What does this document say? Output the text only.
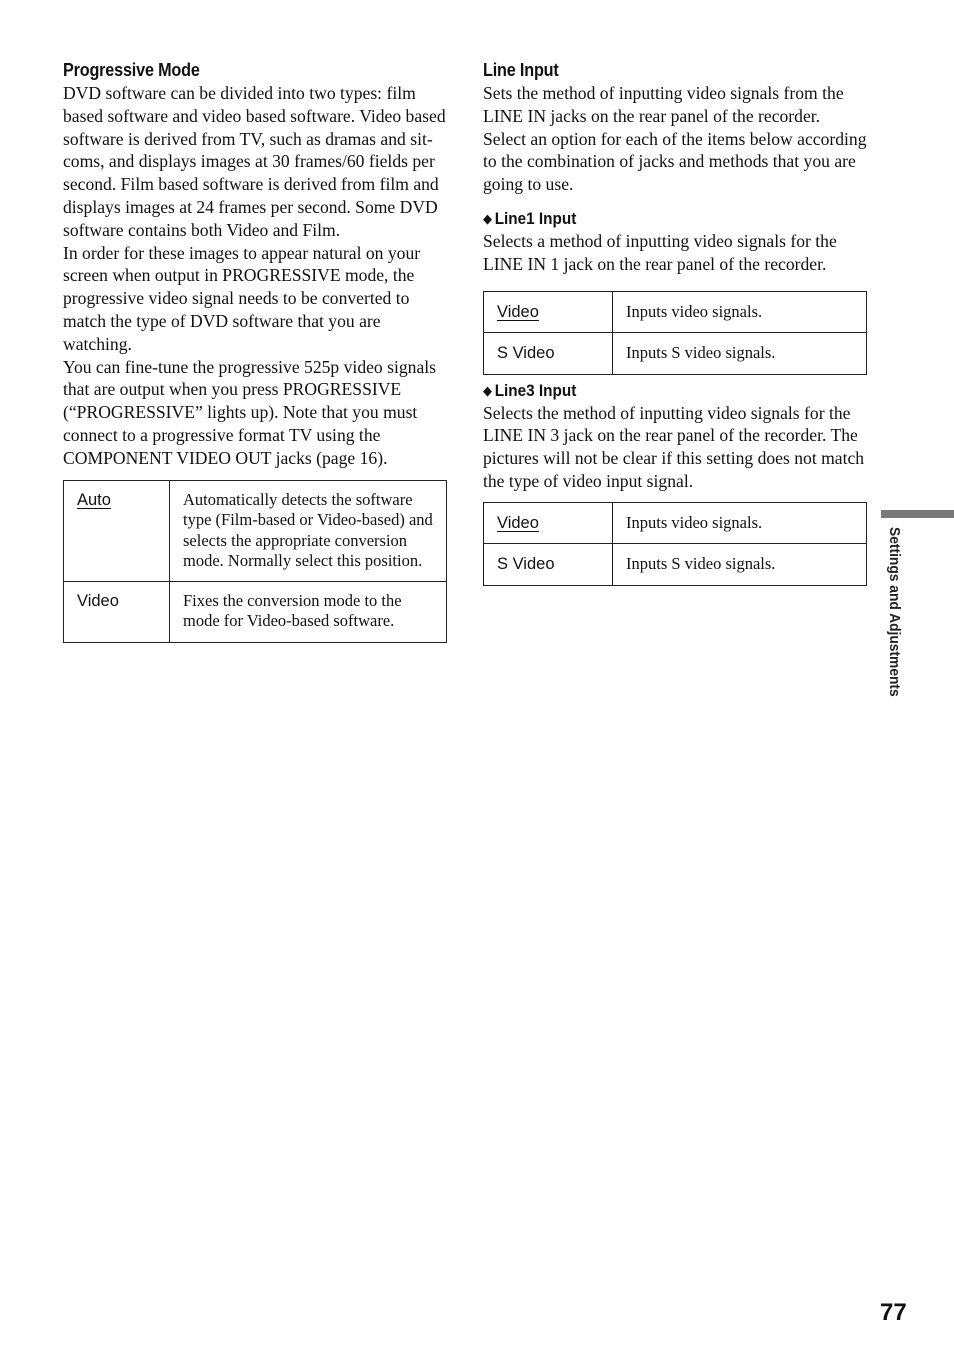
Progressive Mode

DVD software can be divided into two types: film based software and video based software. Video based software is derived from TV, such as dramas and sit-coms, and displays images at 30 frames/60 fields per second. Film based software is derived from film and displays images at 24 frames per second. Some DVD software contains both Video and Film.

In order for these images to appear natural on your screen when output in PROGRESSIVE mode, the progressive video signal needs to be converted to match the type of DVD software that you are watching.

You can fine-tune the progressive 525p video signals that are output when you press PROGRESSIVE (“PROGRESSIVE” lights up). Note that you must connect to a progressive format TV using the COMPONENT VIDEO OUT jacks (page 16).

Auto	Automatically detects the software type (Film-based or Video-based) and selects the appropriate conversion mode. Normally select this position.
Video	Fixes the conversion mode to the mode for Video-based software.
Line Input

Sets the method of inputting video signals from the LINE IN jacks on the rear panel of the recorder. Select an option for each of the items below according to the combination of jacks and methods that you are going to use.

◆ Line1 Input

Selects a method of inputting video signals for the LINE IN 1 jack on the rear panel of the recorder.

Video	Inputs video signals.
S Video	Inputs S video signals.
◆ Line3 Input

Selects the method of inputting video signals for the LINE IN 3 jack on the rear panel of the recorder. The pictures will not be clear if this setting does not match the type of video input signal.

Video	Inputs video signals.
S Video	Inputs S video signals.	Settings and Adjustments
77
